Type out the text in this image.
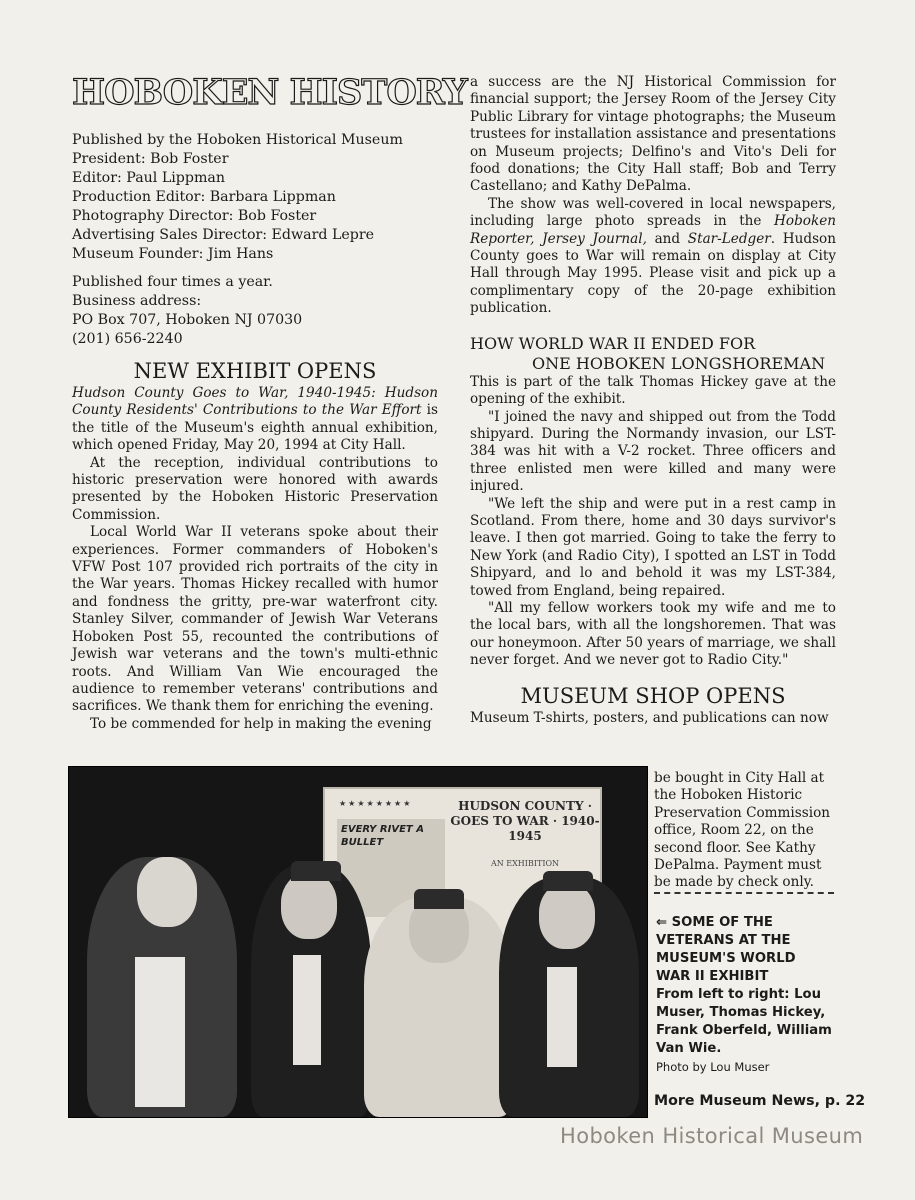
HOBOKEN HISTORY

Published by the Hoboken Historical Museum

President: Bob Foster

Editor: Paul Lippman

Production Editor: Barbara Lippman

Photography Director: Bob Foster

Advertising Sales Director: Edward Lepre

Museum Founder: Jim Hans

Published four times a year.

Business address:

PO Box 707, Hoboken NJ 07030

(201) 656-2240

NEW EXHIBIT OPENS

Hudson County Goes to War, 1940-1945: Hudson County Residents' Contributions to the War Effort is the title of the Museum's eighth annual exhibition, which opened Friday, May 20, 1994 at City Hall.

At the reception, individual contributions to historic preservation were honored with awards presented by the Hoboken Historic Preservation Commission.

Local World War II veterans spoke about their experiences. Former commanders of Hoboken's VFW Post 107 provided rich portraits of the city in the War years. Thomas Hickey recalled with humor and fondness the gritty, pre-war waterfront city. Stanley Silver, commander of Jewish War Veterans Hoboken Post 55, recounted the contributions of Jewish war veterans and the town's multi-ethnic roots. And William Van Wie encouraged the audience to remember veterans' contributions and sacrifices. We thank them for enriching the evening.

To be commended for help in making the evening

a success are the NJ Historical Commission for financial support; the Jersey Room of the Jersey City Public Library for vintage photographs; the Museum trustees for installation assistance and presentations on Museum projects; Delfino's and Vito's Deli for food donations; the City Hall staff; Bob and Terry Castellano; and Kathy DePalma.

The show was well-covered in local newspapers, including large photo spreads in the Hoboken Reporter, Jersey Journal, and Star-Ledger. Hudson County goes to War will remain on display at City Hall through May 1995. Please visit and pick up a complimentary copy of the 20-page exhibition publication.

HOW WORLD WAR II ENDED FOR
ONE HOBOKEN LONGSHOREMAN

This is part of the talk Thomas Hickey gave at the opening of the exhibit.

"I joined the navy and shipped out from the Todd shipyard. During the Normandy invasion, our LST-384 was hit with a V-2 rocket. Three officers and three enlisted men were killed and many were injured.

"We left the ship and were put in a rest camp in Scotland. From there, home and 30 days survivor's leave. I then got married. Going to take the ferry to New York (and Radio City), I spotted an LST in Todd Shipyard, and lo and behold it was my LST-384, towed from England, being repaired.

"All my fellow workers took my wife and me to the local bars, with all the longshoremen. That was our honeymoon. After 50 years of marriage, we shall never forget. And we never got to Radio City."

MUSEUM SHOP OPENS

Museum T-shirts, posters, and publications can now

be bought in City Hall at the Hoboken Historic Preservation Commission office, Room 22, on the second floor. See Kathy DePalma. Payment must be made by check only.

★★★★★★★★
EVERY RIVET A BULLET
HUDSON COUNTY · GOES TO WAR · 1940-1945
AN EXHIBITION
⇐ SOME OF THE VETERANS AT THE MUSEUM'S WORLD WAR II EXHIBIT
From left to right: Lou Muser, Thomas Hickey, Frank Oberfeld, William Van Wie.
Photo by Lou Muser
More Museum News, p. 22
Hoboken Historical Museum
